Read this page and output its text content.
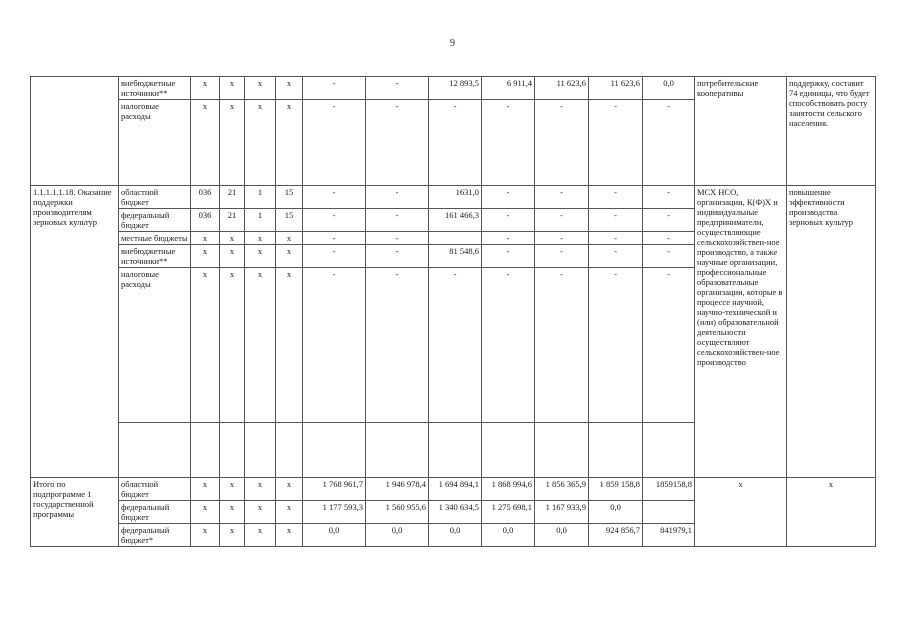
9
	внебюджетные источники**	x	x	x	x	-	-	12 893,5	6 911,4	11 623,6	11 623,6	0,0	потребительские кооперативы	поддержку, составит 74 единицы, что будет способствовать росту занятости сельского населения.
	налоговые расходы	x	x	x	x	-	-	-	-	-	-	-		
1.1.1.1.1.18. Оказание поддержки производителям зерновых культур	областной бюджет	036	21	1	15	-	-	1631,0	-	-	-	-	МСХ НСО, организации, К(Ф)Х и индивидуальные предприниматели, осуществляющие сельскохозяйствен-ное производство, а также научные организации, профессиональные образовательные организации, которые в процессе научной, научно-технической и (или) образовательной деятельности осуществляют сельскохозяйствен-ное производство	повышение эффективности производства зерновых культур
	федеральный бюджет	036	21	1	15	-	-	161 466,3	-	-	-	-		
	местные бюджеты	x	x	x	x	-	-		-	-	-	-		
	внебюджетные источники**	x	x	x	x	-	-	81 548,6	-	-	-	-		
	налоговые расходы	x	x	x	x	-	-	-	-	-	-	-		

Итого по подпрограмме 1 государственной программы	областной бюджет	x	x	x	x	1 768 961,7	1 946 978,4	1 694 894,1	1 868 994,6	1 856 365,9	1 859 158,8	1859158,8	x	x
	федеральный бюджет	x	x	x	x	1 177 593,3	1 560 955,6	1 340 634,5	1 275 698,1	1 167 933,9	0,0			
	федеральный бюджет*	x	x	x	x	0,0	0,0	0,0	0,0	0,0	924 856,7	841979,1		
